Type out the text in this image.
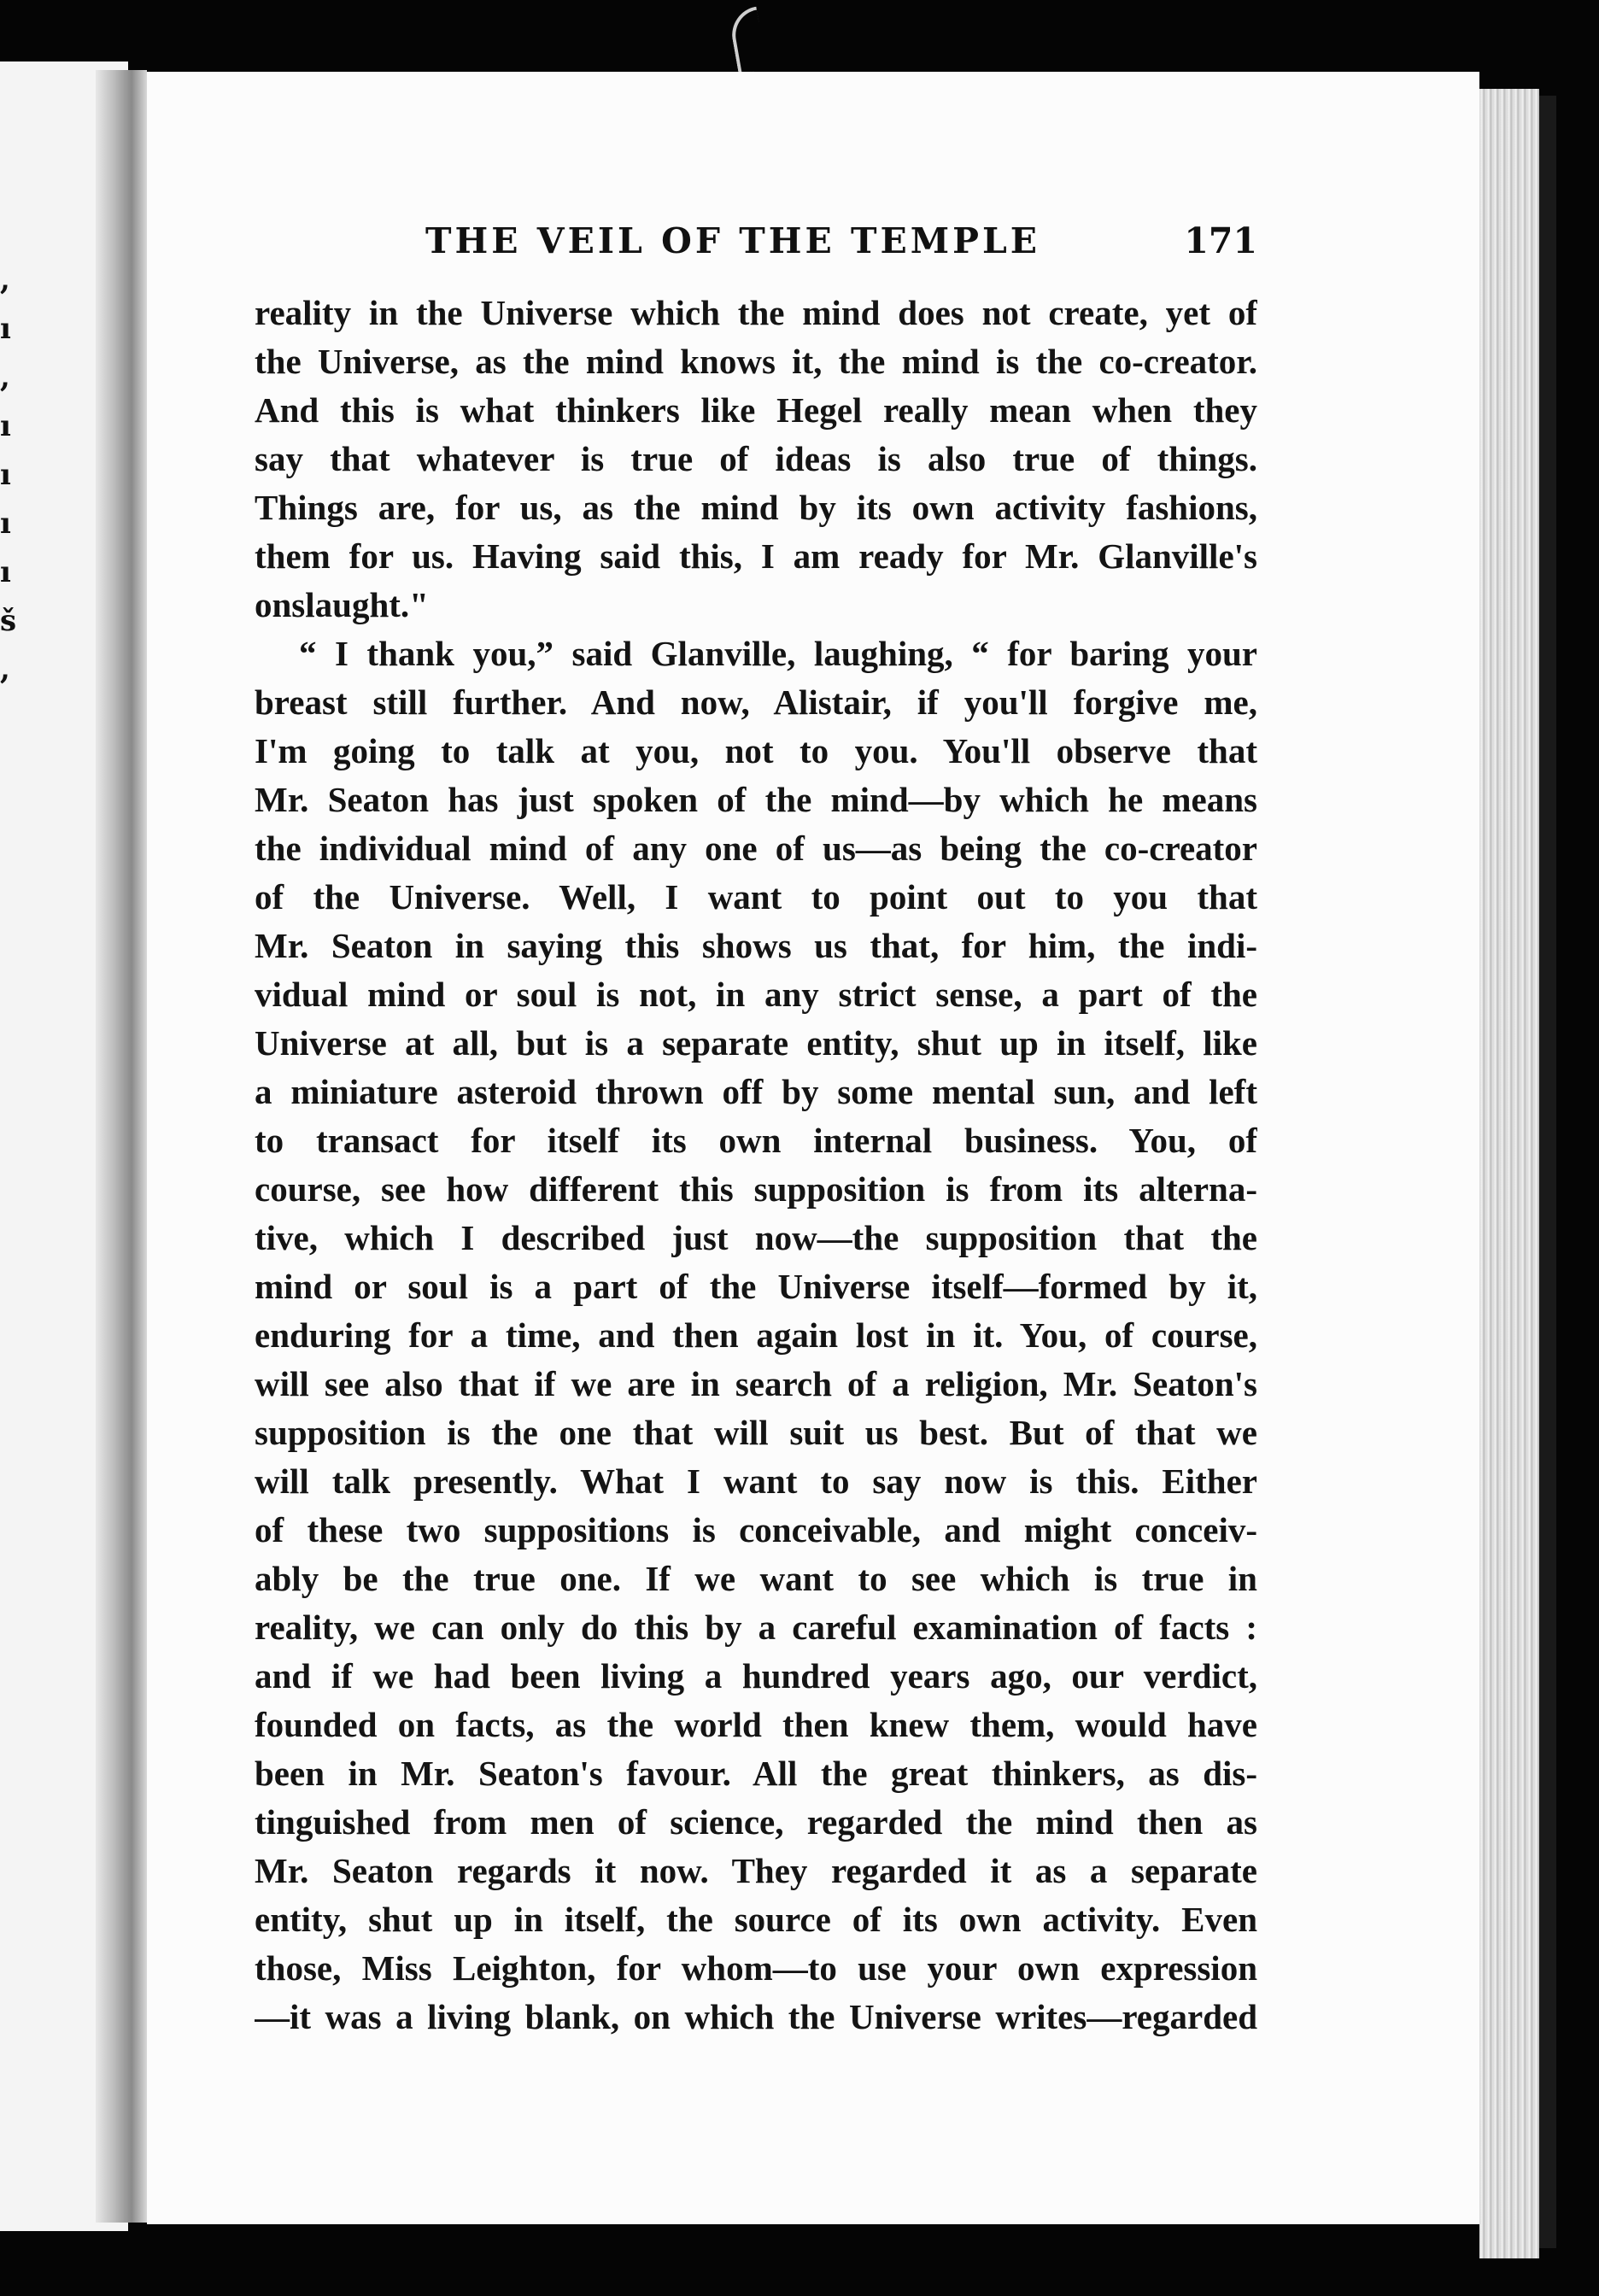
,
ı
,
ı
ı
ı
ı
š
,
THE VEIL OF THE TEMPLE	171
reality in the Universe which the mind does not create, yet of
the Universe, as the mind knows it, the mind is the co-creator.
And this is what thinkers like Hegel really mean when they
say that whatever is true of ideas is also true of things.
Things are, for us, as the mind by its own activity fashions,
them for us. Having said this, I am ready for Mr. Glanville's
onslaught."
“ I thank you,” said Glanville, laughing, “ for baring your
breast still further. And now, Alistair, if you'll forgive me,
I'm going to talk at you, not to you. You'll observe that
Mr. Seaton has just spoken of the mind—by which he means
the individual mind of any one of us—as being the co-creator
of the Universe. Well, I want to point out to you that
Mr. Seaton in saying this shows us that, for him, the indi-
vidual mind or soul is not, in any strict sense, a part of the
Universe at all, but is a separate entity, shut up in itself, like
a miniature asteroid thrown off by some mental sun, and left
to transact for itself its own internal business. You, of
course, see how different this supposition is from its alterna-
tive, which I described just now—the supposition that the
mind or soul is a part of the Universe itself—formed by it,
enduring for a time, and then again lost in it. You, of course,
will see also that if we are in search of a religion, Mr. Seaton's
supposition is the one that will suit us best. But of that we
will talk presently. What I want to say now is this. Either
of these two suppositions is conceivable, and might conceiv-
ably be the true one. If we want to see which is true in
reality, we can only do this by a careful examination of facts :
and if we had been living a hundred years ago, our verdict,
founded on facts, as the world then knew them, would have
been in Mr. Seaton's favour. All the great thinkers, as dis-
tinguished from men of science, regarded the mind then as
Mr. Seaton regards it now. They regarded it as a separate
entity, shut up in itself, the source of its own activity. Even
those, Miss Leighton, for whom—to use your own expression
—it was a living blank, on which the Universe writes—regarded
